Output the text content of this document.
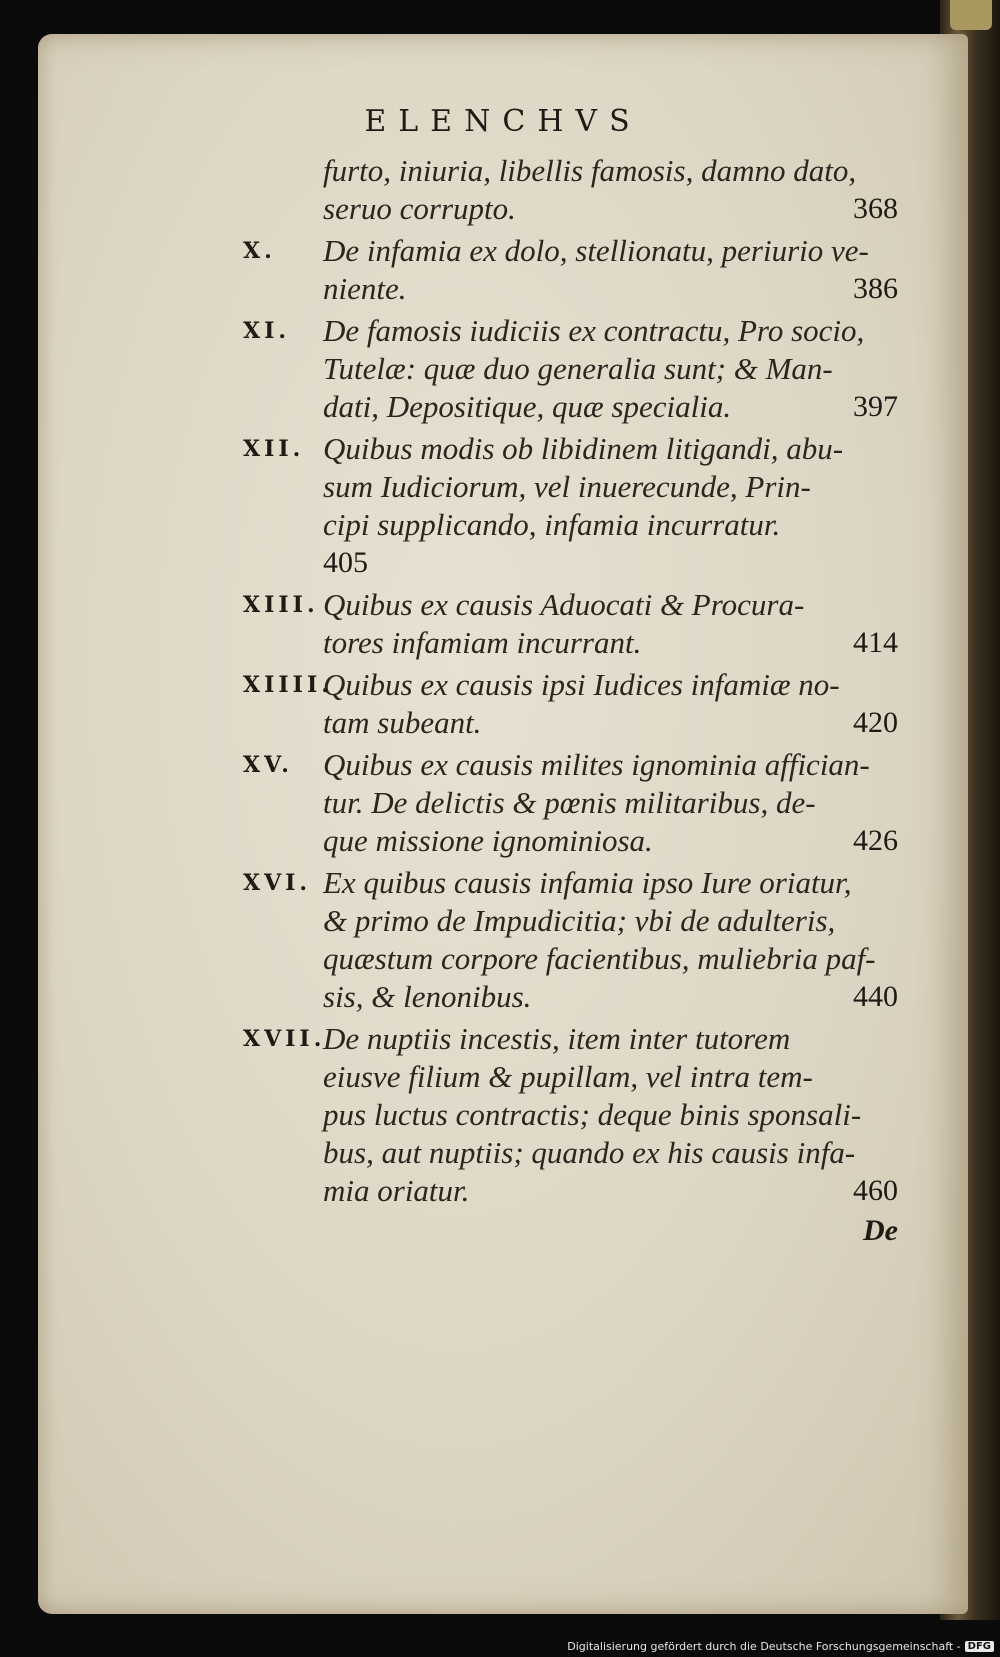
ELENCHVS
furto, iniuria, libellis famosis, damno dato,
seruo corrupto.	368
X.	De infamia ex dolo, stellionatu, periurio ve-
niente.	386
XI.	De famosis iudiciis ex contractu, Pro socio,
Tutelæ: quæ duo generalia sunt; & Man-
dati, Depositique, quæ specialia.	397
XII. Quibus modis ob libidinem litigandi, abu-
sum Iudiciorum, vel inuerecunde, Prin-
cipi supplicando, infamia incurratur.
405
XIII. Quibus ex causis Aduocati & Procura-
tores infamiam incurrant.	414
XIIII.
Quibus ex causis ipsi Iudices infamiæ no-
tam subeant.	420
XV. Quibus ex causis milites ignominia affician-
tur. De delictis & pœnis militaribus, de-
que missione ignominiosa.	426
XVI. Ex quibus causis infamia ipso Iure oriatur,
& primo de Impudicitia; vbi de adulteris,
quæstum corpore facientibus, muliebria paf-
sis, & lenonibus.	440
XVII.
De nuptiis incestis, item inter tutorem
eiusve filium & pupillam, vel intra tem-
pus luctus contractis; deque binis sponsali-
bus, aut nuptiis; quando ex his causis infa-
mia oriatur.	460
De
Digitalisierung gefördert durch die Deutsche Forschungsgemeinschaft - DFG
